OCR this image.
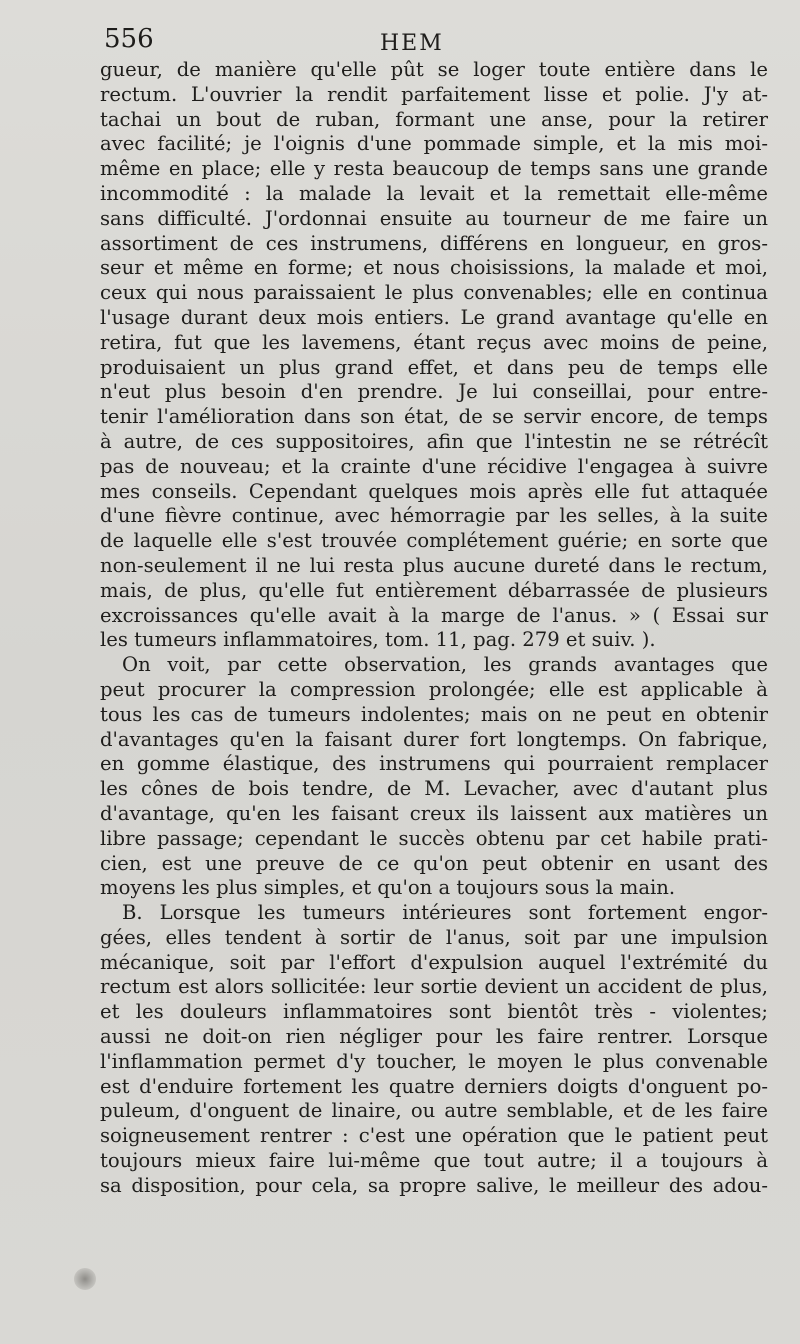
556	HEM
gueur, de manière qu'elle pût se loger toute entière dans le
rectum. L'ouvrier la rendit parfaitement lisse et polie. J'y at-
tachai un bout de ruban, formant une anse, pour la retirer
avec facilité; je l'oignis d'une pommade simple, et la mis moi-
même en place; elle y resta beaucoup de temps sans une grande
incommodité : la malade la levait et la remettait elle-même
sans difficulté. J'ordonnai ensuite au tourneur de me faire un
assortiment de ces instrumens, différens en longueur, en gros-
seur et même en forme; et nous choisissions, la malade et moi,
ceux qui nous paraissaient le plus convenables; elle en continua
l'usage durant deux mois entiers. Le grand avantage qu'elle en
retira, fut que les lavemens, étant reçus avec moins de peine,
produisaient un plus grand effet, et dans peu de temps elle
n'eut plus besoin d'en prendre. Je lui conseillai, pour entre-
tenir l'amélioration dans son état, de se servir encore, de temps
à autre, de ces suppositoires, afin que l'intestin ne se rétrécît
pas de nouveau; et la crainte d'une récidive l'engagea à suivre
mes conseils. Cependant quelques mois après elle fut attaquée
d'une fièvre continue, avec hémorragie par les selles, à la suite
de laquelle elle s'est trouvée complétement guérie; en sorte que
non-seulement il ne lui resta plus aucune dureté dans le rectum,
mais, de plus, qu'elle fut entièrement débarrassée de plusieurs
excroissances qu'elle avait à la marge de l'anus. » ( Essai sur
les tumeurs inflammatoires, tom. 11, pag. 279 et suiv. ).
On voit, par cette observation, les grands avantages que
peut procurer la compression prolongée; elle est applicable à
tous les cas de tumeurs indolentes; mais on ne peut en obtenir
d'avantages qu'en la faisant durer fort longtemps. On fabrique,
en gomme élastique, des instrumens qui pourraient remplacer
les cônes de bois tendre, de M. Levacher, avec d'autant plus
d'avantage, qu'en les faisant creux ils laissent aux matières un
libre passage; cependant le succès obtenu par cet habile prati-
cien, est une preuve de ce qu'on peut obtenir en usant des
moyens les plus simples, et qu'on a toujours sous la main.
B. Lorsque les tumeurs intérieures sont fortement engor-
gées, elles tendent à sortir de l'anus, soit par une impulsion
mécanique, soit par l'effort d'expulsion auquel l'extrémité du
rectum est alors sollicitée: leur sortie devient un accident de plus,
et les douleurs inflammatoires sont bientôt très - violentes;
aussi ne doit-on rien négliger pour les faire rentrer. Lorsque
l'inflammation permet d'y toucher, le moyen le plus convenable
est d'enduire fortement les quatre derniers doigts d'onguent po-
puleum, d'onguent de linaire, ou autre semblable, et de les faire
soigneusement rentrer : c'est une opération que le patient peut
toujours mieux faire lui-même que tout autre; il a toujours à
sa disposition, pour cela, sa propre salive, le meilleur des adou-
